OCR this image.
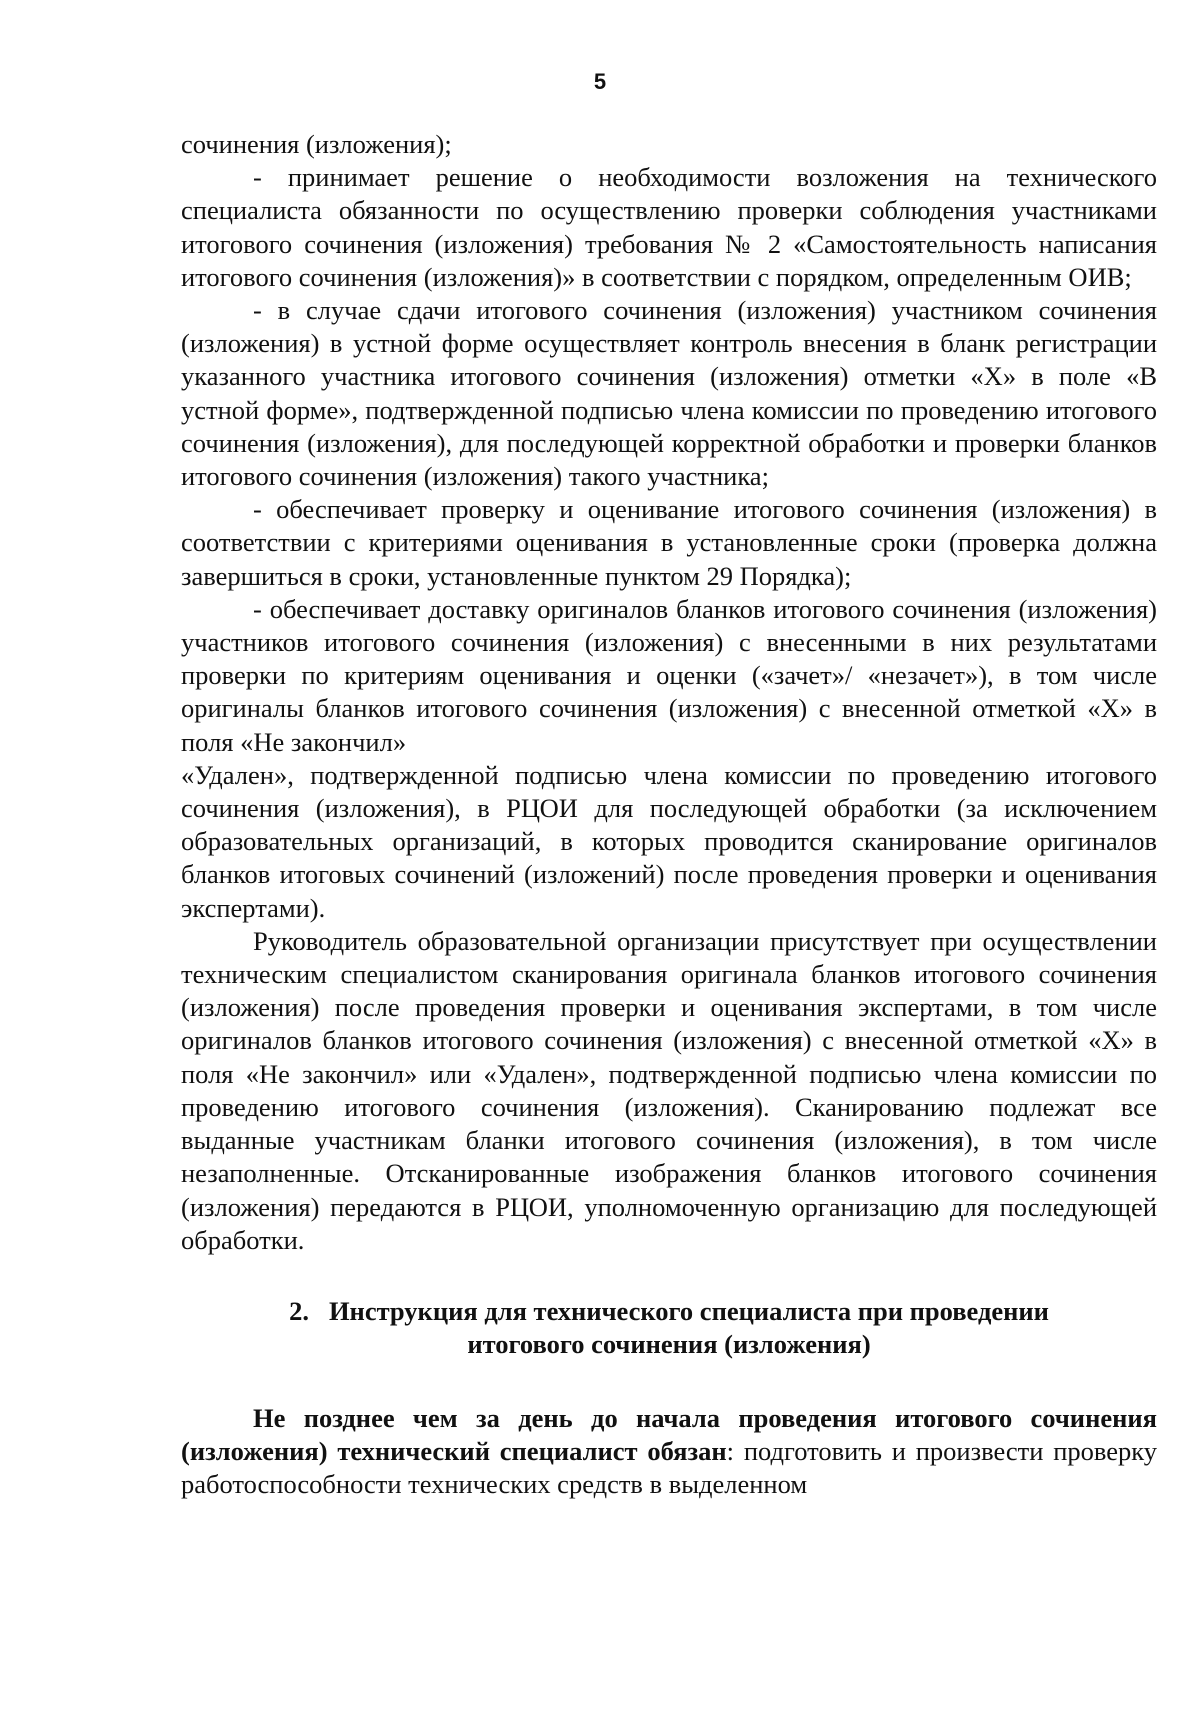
5

сочинения (изложения);

- принимает решение о необходимости возложения на технического специалиста обязанности по осуществлению проверки соблюдения участниками итогового сочинения (изложения) требования № 2 «Самостоятельность написания итогового сочинения (изложения)» в соответствии с порядком, определенным ОИВ;

- в случае сдачи итогового сочинения (изложения) участником сочинения (изложения) в устной форме осуществляет контроль внесения в бланк регистрации указанного участника итогового сочинения (изложения) отметки «Х» в поле «В устной форме», подтвержденной подписью члена комиссии по проведению итогового сочинения (изложения), для последующей корректной обработки и проверки бланков итогового сочинения (изложения) такого участника;

- обеспечивает проверку и оценивание итогового сочинения (изложения) в соответствии с критериями оценивания в установленные сроки (проверка должна завершиться в сроки, установленные пунктом 29 Порядка);

- обеспечивает доставку оригиналов бланков итогового сочинения (изложения) участников итогового сочинения (изложения) с внесенными в них результатами проверки по критериям оценивания и оценки («зачет»/ «незачет»), в том числе оригиналы бланков итогового сочинения (изложения) с внесенной отметкой «Х» в поля «Не закончил»

«Удален», подтвержденной подписью члена комиссии по проведению итогового сочинения (изложения), в РЦОИ для последующей обработки (за исключением образовательных организаций, в которых проводится сканирование оригиналов бланков итоговых сочинений (изложений) после проведения проверки и оценивания экспертами).

Руководитель образовательной организации присутствует при осуществлении техническим специалистом сканирования оригинала бланков итогового сочинения (изложения) после проведения проверки и оценивания экспертами, в том числе оригиналов бланков итогового сочинения (изложения) с внесенной отметкой «Х» в поля «Не закончил» или «Удален», подтвержденной подписью члена комиссии по проведению итогового сочинения (изложения). Сканированию подлежат все выданные участникам бланки итогового сочинения (изложения), в том числе незаполненные. Отсканированные изображения бланков итогового сочинения (изложения) передаются в РЦОИ, уполномоченную организацию для последующей обработки.

2. Инструкция для технического специалиста при проведении
итогового сочинения (изложения)

Не позднее чем за день до начала проведения итогового сочинения (изложения) технический специалист обязан: подготовить и произвести проверку работоспособности технических средств в выделенном
